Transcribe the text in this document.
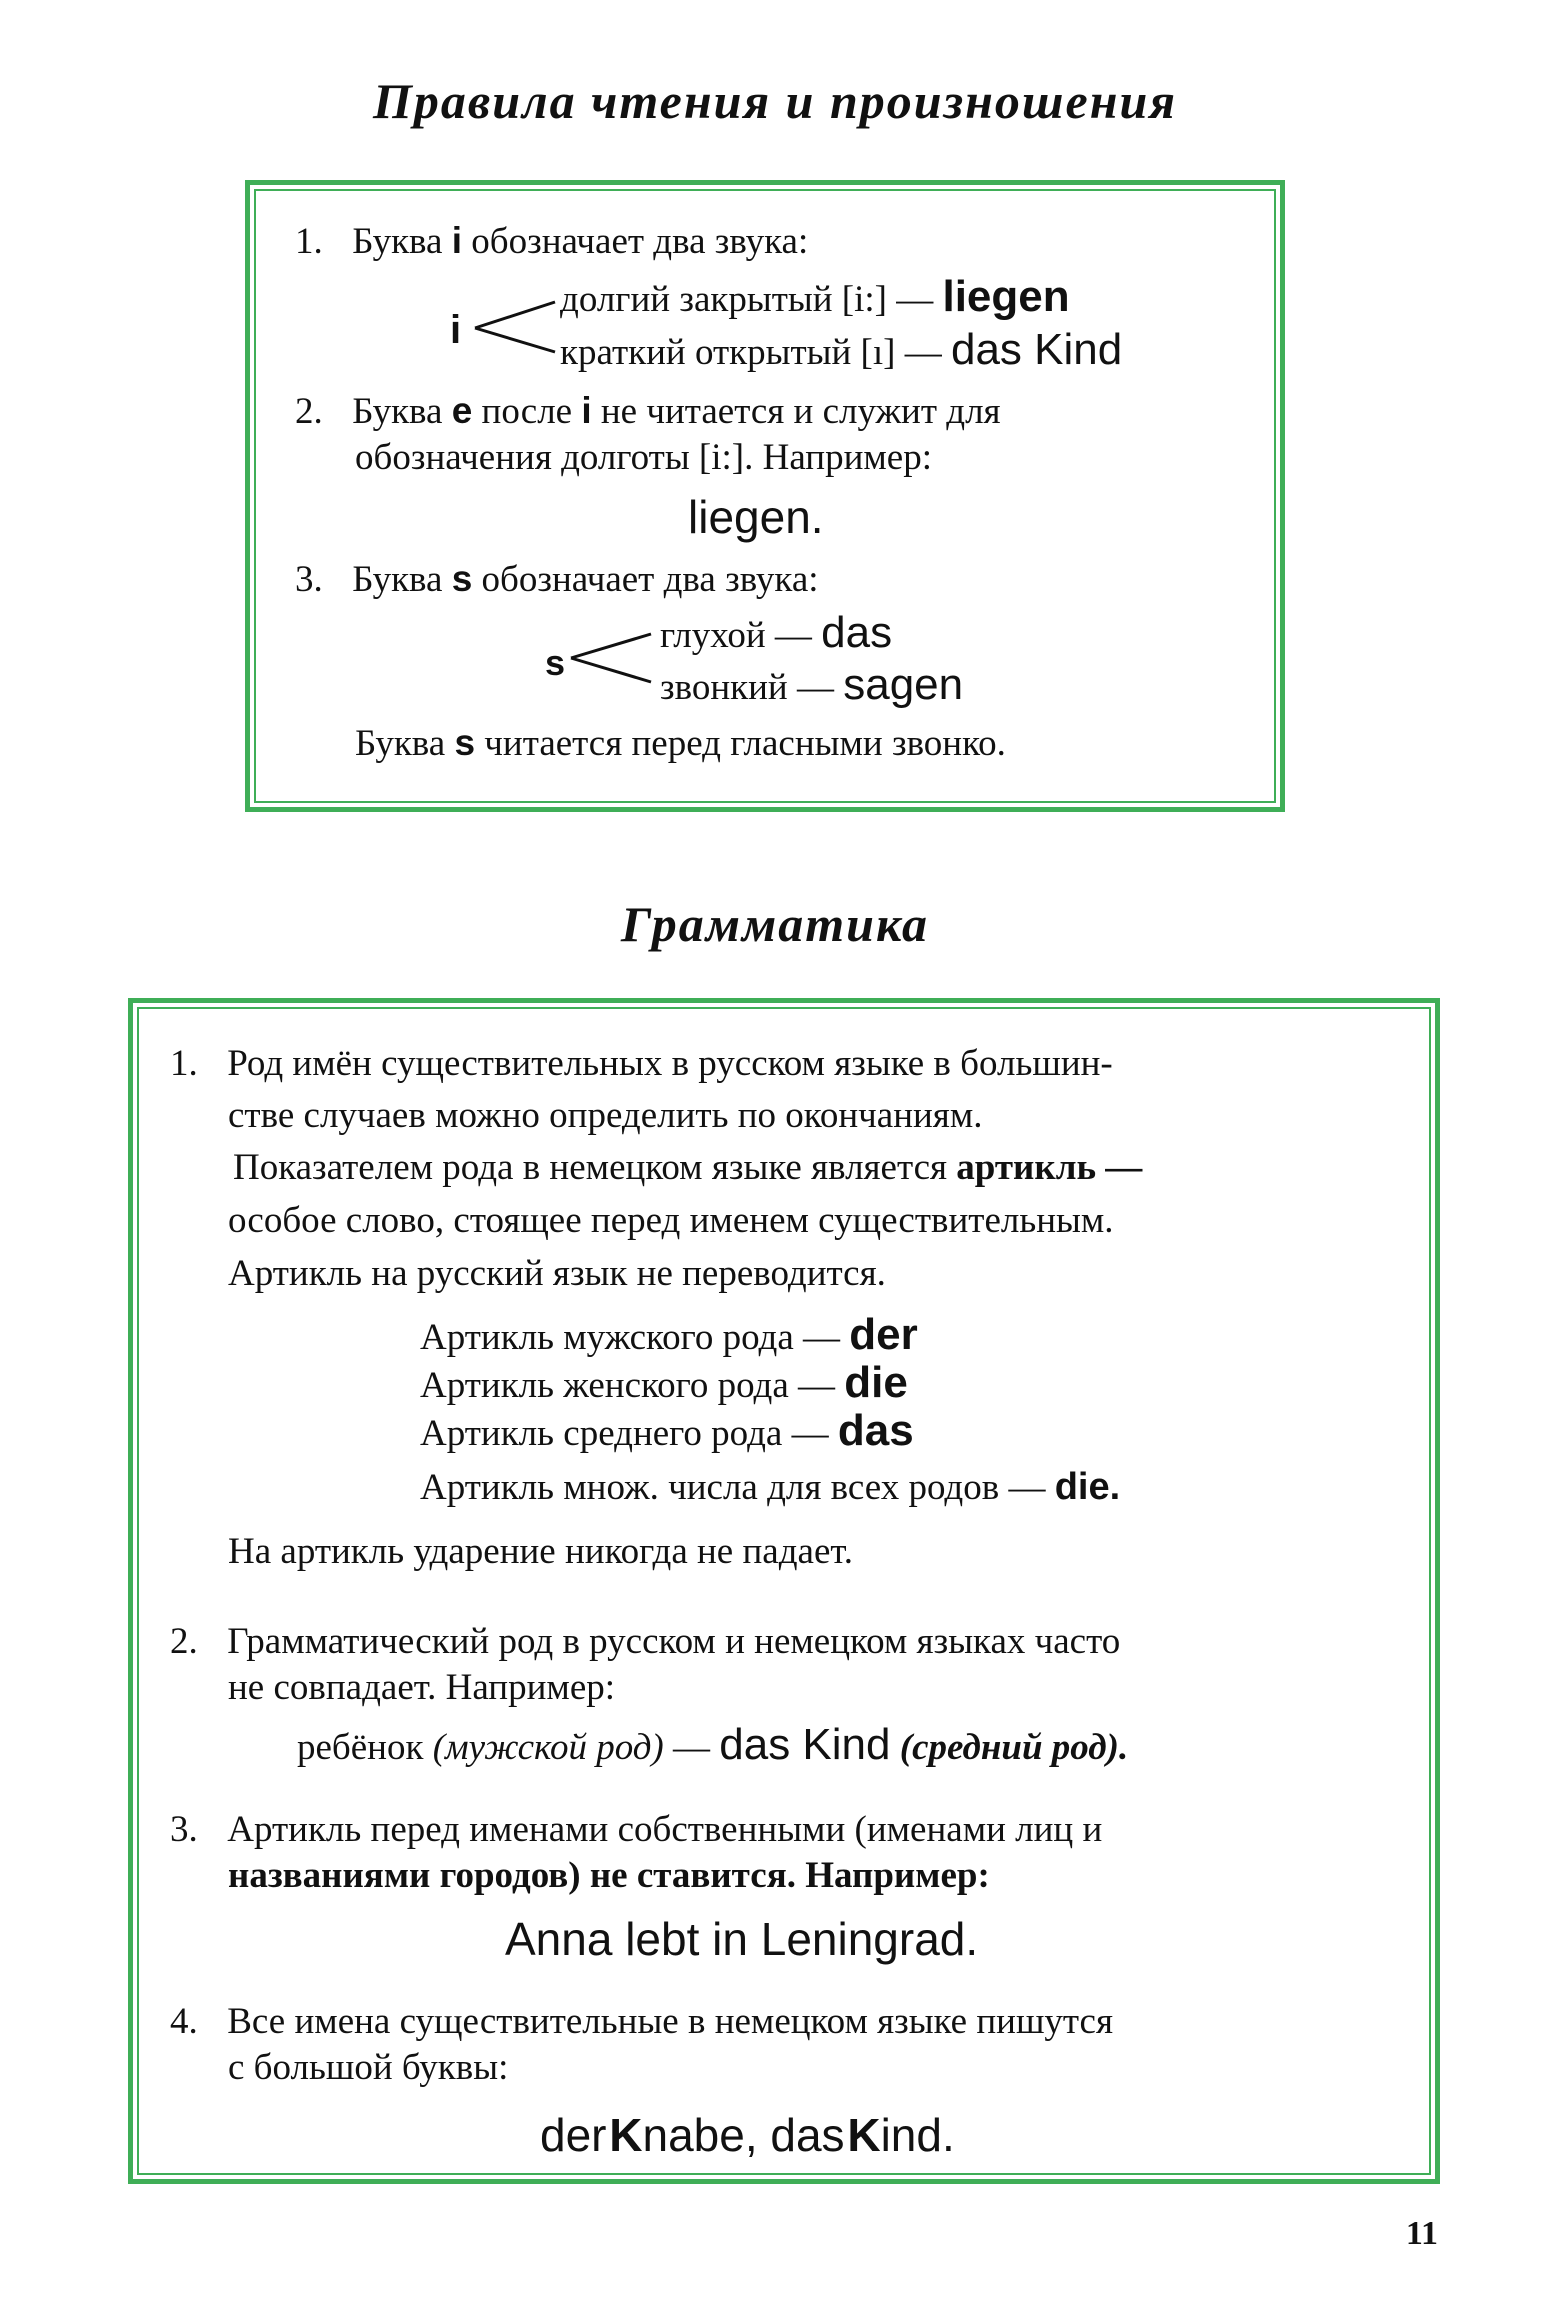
Правила чтения и произношения
1. Буква i обозначает два звука:
i
долгий закрытый [i:] — liegen
краткий открытый [ı] — das Kind
2. Буква e после i не читается и служит для
обозначения долготы [i:]. Например:
liegen.
3. Буква s обозначает два звука:
s
глухой — das
звонкий — sagen
Буква s читается перед гласными звонко.
Грамматика
1. Род имён существительных в русском языке в большин-
стве случаев можно определить по окончаниям.
Показателем рода в немецком языке является артикль —
особое слово, стоящее перед именем существительным.
Артикль на русский язык не переводится.
Артикль мужского рода — der
Артикль женского рода — die
Артикль среднего рода — das
Артикль множ. числа для всех родов — die.
На артикль ударение никогда не падает.
2. Грамматический род в русском и немецком языках часто
не совпадает. Например:
ребёнок (мужской род) — das Kind (средний род).
3. Артикль перед именами собственными (именами лиц и
названиями городов) не ставится. Например:
Anna lebt in Leningrad.
4. Все имена существительные в немецком языке пишутся
с большой буквы:
der Knabe, das Kind.
11
